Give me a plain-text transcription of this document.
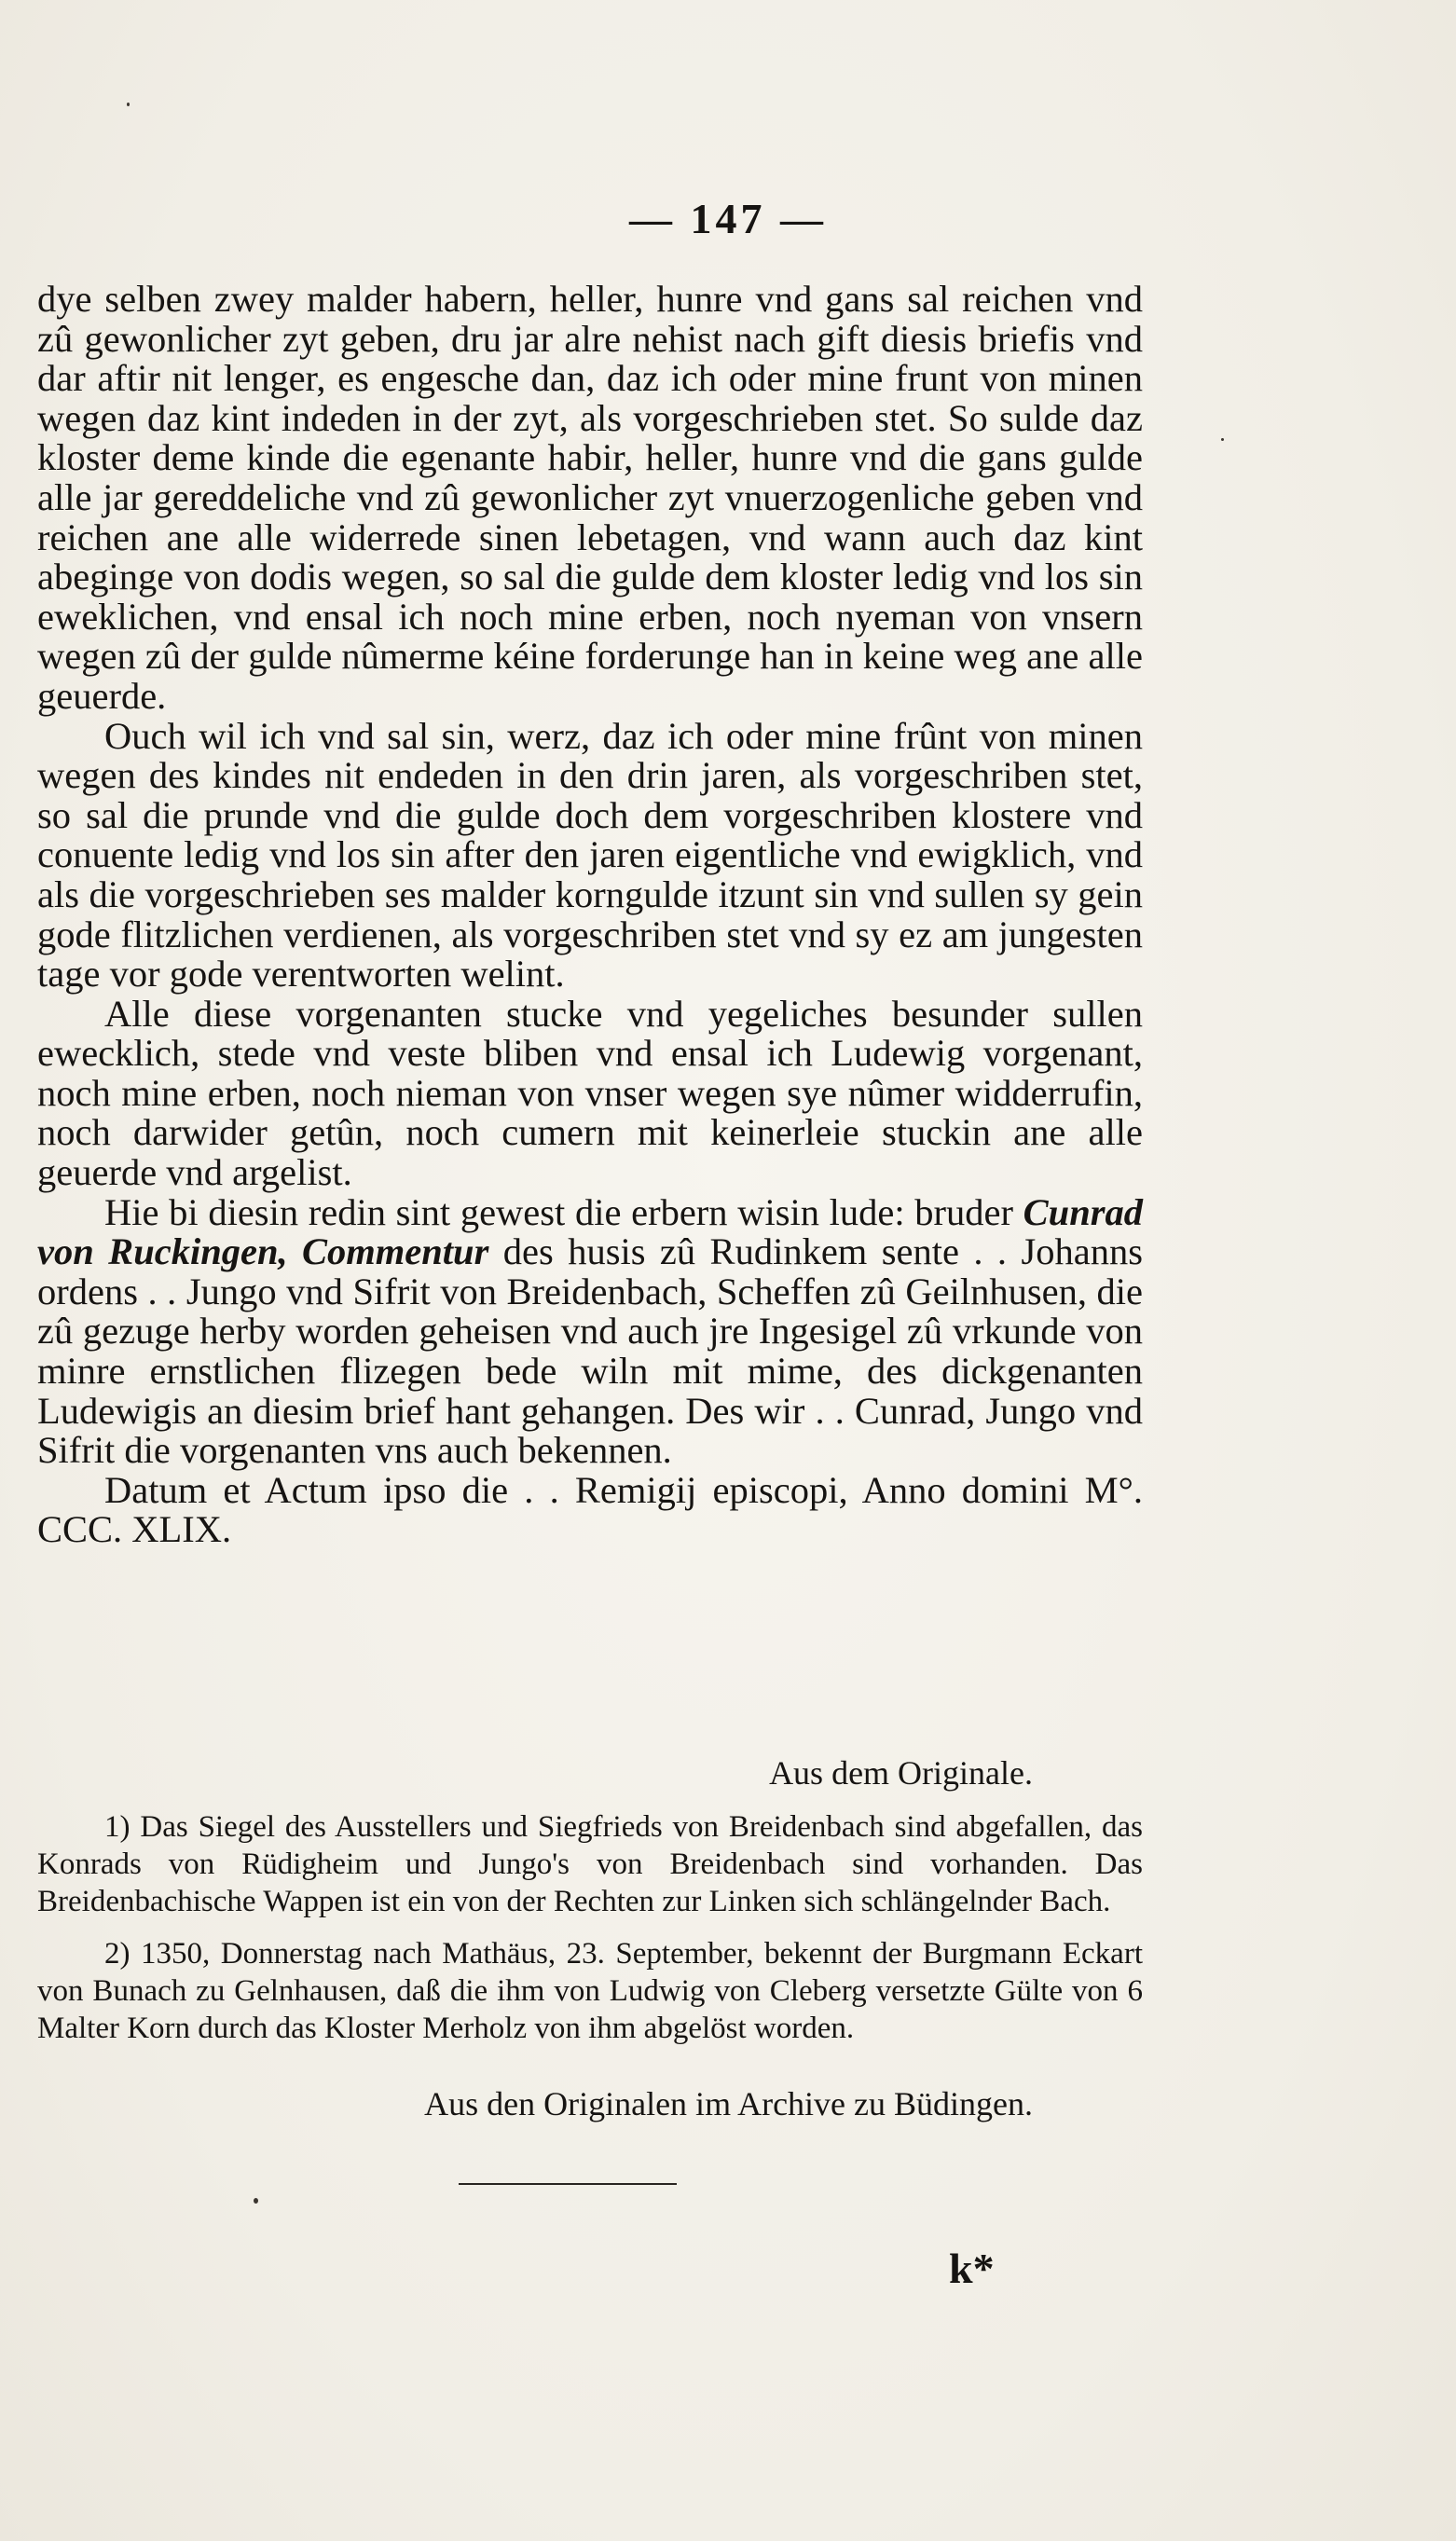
— 147 —

dye selben zwey malder habern, heller, hunre vnd gans sal reichen vnd zû gewonlicher zyt geben, dru jar alre nehist nach gift diesis briefis vnd dar aftir nit lenger, es engesche dan, daz ich oder mine frunt von minen wegen daz kint indeden in der zyt, als vorgeschrieben stet. So sulde daz kloster deme kinde die egenante habir, heller, hunre vnd die gans gulde alle jar gereddeliche vnd zû gewonlicher zyt vnuerzogenliche geben vnd reichen ane alle widerrede sinen lebetagen, vnd wann auch daz kint abeginge von dodis wegen, so sal die gulde dem kloster ledig vnd los sin eweklichen, vnd ensal ich noch mine erben, noch nyeman von vnsern wegen zû der gulde nûmerme kéine forderunge han in keine weg ane alle geuerde.

Ouch wil ich vnd sal sin, werz, daz ich oder mine frûnt von minen wegen des kindes nit endeden in den drin jaren, als vorgeschriben stet, so sal die prunde vnd die gulde doch dem vorgeschriben klostere vnd conuente ledig vnd los sin after den jaren eigentliche vnd ewigklich, vnd als die vorgeschrieben ses malder korngulde itzunt sin vnd sullen sy gein gode flitzlichen verdienen, als vorgeschriben stet vnd sy ez am jungesten tage vor gode verentworten welint.

Alle diese vorgenanten stucke vnd yegeliches besunder sullen ewecklich, stede vnd veste bliben vnd ensal ich Ludewig vorgenant, noch mine erben, noch nieman von vnser wegen sye nûmer widderrufin, noch darwider getûn, noch cumern mit keinerleie stuckin ane alle geuerde vnd argelist.

Hie bi diesin redin sint gewest die erbern wisin lude: bruder Cunrad von Ruckingen, Commentur des husis zû Rudinkem sente . . Johanns ordens . . Jungo vnd Sifrit von Breidenbach, Scheffen zû Geilnhusen, die zû gezuge herby worden geheisen vnd auch jre Ingesigel zû vrkunde von minre ernstlichen flizegen bede wiln mit mime, des dickgenanten Ludewigis an diesim brief hant gehangen. Des wir . . Cunrad, Jungo vnd Sifrit die vorgenanten vns auch bekennen.

Datum et Actum ipso die . . Remigij episcopi, Anno domini M°. CCC. XLIX.

Aus dem Originale.

1) Das Siegel des Ausstellers und Siegfrieds von Breidenbach sind abgefallen, das Konrads von Rüdigheim und Jungo's von Breidenbach sind vorhanden. Das Breidenbachische Wappen ist ein von der Rechten zur Linken sich schlängelnder Bach.

2) 1350, Donnerstag nach Mathäus, 23. September, bekennt der Burgmann Eckart von Bunach zu Gelnhausen, daß die ihm von Ludwig von Cleberg versetzte Gülte von 6 Malter Korn durch das Kloster Merholz von ihm abgelöst worden.

Aus den Originalen im Archive zu Büdingen.
k*
